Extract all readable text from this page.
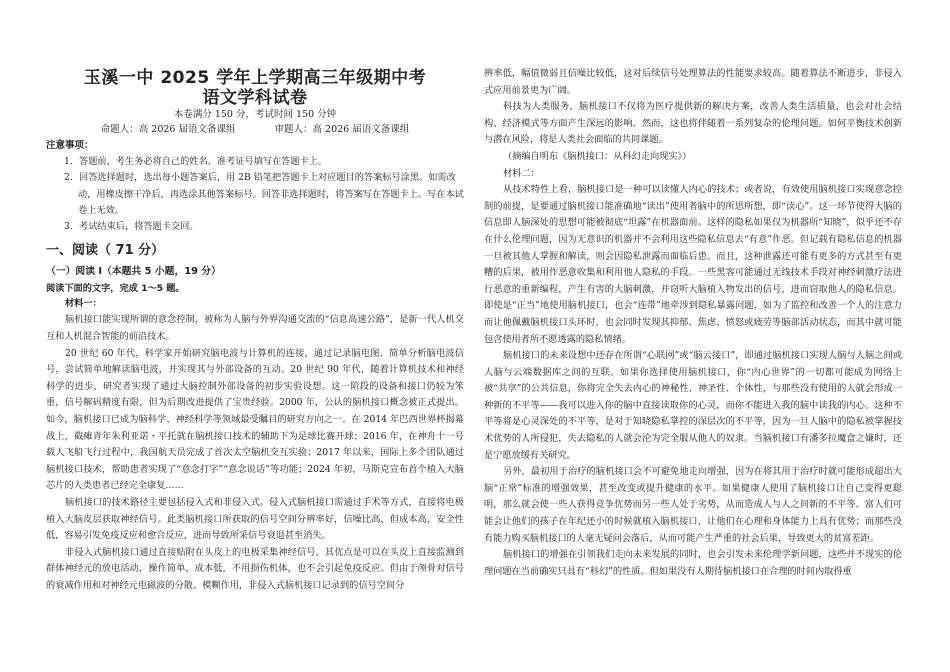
玉溪一中 2025 学年上学期高三年级期中考
语文学科试卷
本卷满分 150 分，考试时间 150 分钟
命题人：高 2026 届语文备课组	审题人：高 2026 届语文备课组
注意事项：
1．答题前，考生务必将自己的姓名、准考证号填写在答题卡上。
2．回答选择题时，选出每小题答案后，用 2B 铅笔把答题卡上对应题目的答案标号涂黑。如需改动，用橡皮擦干净后，再选涂其他答案标号。回答非选择题时，将答案写在答题卡上。写在本试卷上无效。
3．考试结束后，将答题卡交回。
一、阅读（ 71 分）
（一）阅读 I（本题共 5 小题，19 分）
阅读下面的文字，完成 1～5 题。
材料一：

脑机接口能实现所谓的意念控制，被称为人脑与外界沟通交流的“信息高速公路”，是新一代人机交互和人机混合智能的前沿技术。

20 世纪 60 年代，科学家开始研究脑电波与计算机的连接，通过记录脑电图、简单分析脑电波信号，尝试简单地解读脑电波，并实现其与外部设备的互动。20 世纪 90 年代，随着计算机技术和神经科学的进步，研究者实现了通过大脑控制外部设备的初步实验设想。这一阶段的设备和接口仍较为笨重，信号解码精度有限，但为后期改进提供了宝贵经验。2000 年，公认的脑机接口概念被正式提出。如今，脑机接口已成为脑科学、神经科学等领域最受瞩目的研究方向之一。在 2014 年巴西世界杯揭幕战上，截瘫青年朱利亚诺・平托就在脑机接口技术的辅助下为足球比赛开球；2016 年，在神舟十一号载人飞船飞行过程中，我国航天员完成了首次太空脑机交互实验；2017 年以来，国际上多个团队通过脑机接口技术，帮助患者实现了“意念打字”“意念说话”等功能；2024 年初，马斯克宣布首个植入大脑芯片的人类患者已经完全康复……

脑机接口的技术路径主要包括侵入式和非侵入式。侵入式脑机接口需通过手术等方式，直接将电极植入大脑皮层获取神经信号。此类脑机接口所获取的信号空间分辨率好，信噪比高，但成本高，安全性低，容易引发免疫反应和愈合反应，进而导致所采信号衰退甚至消失。

非侵入式脑机接口通过直接贴附在头皮上的电极采集神经信号。其优点是可以在头皮上直接监测到群体神经元的放电活动，操作简单，成本低，不用损伤机体，也不会引起免疫反应。但由于颅骨对信号的衰减作用和对神经元电磁波的分散、模糊作用，非侵入式脑机接口记录到的信号空间分

辨率低，幅值微弱且信噪比较低，这对后续信号处理算法的性能要求较高。随着算法不断进步，非侵入式应用前景更为广阔。

科技为人类服务，脑机接口不仅将为医疗提供新的解决方案，改善人类生活质量，也会对社会结构、经济模式等方面产生深远的影响。然而，这也将伴随着一系列复杂的伦理问题。如何平衡技术创新与潜在风险，将是人类社会面临的共同课题。

（摘编自明东《脑机接口：从科幻走向现实》）
材料二：

从技术特性上看，脑机接口是一种可以读懂人内心的技术；或者说，有效使用脑机接口实现意念控制的前提，是要通过脑机接口能准确地“读出”使用者脑中的所思所想，即“读心”。这一环节使得大脑的信息即人脑深处的思想可能被彻底“坦露”在机器面前。这样的隐私如果仅为机器所“知晓”，似乎还不存在什么伦理问题，因为无意识的机器并不会利用这些隐私信息去“有意”作恶。但记载有隐私信息的机器一旦被其他人掌握和解读，则会因隐私泄露而面临后患。而且，这种泄露还可能有更多的方式甚至有更糟的后果，被用作恶意收集和利用他人隐私的手段。一些黑客可能通过无线技术手段对神经刺激疗法进行恶意的重新编程，产生有害的大脑刺激，并窃听大脑植入物发出的信号，进而窃取他人的隐私信息。即使是“正当”地使用脑机接口，也会“连带”地牵涉到隐私暴露问题，如为了监控和改善一个人的注意力而让他佩戴脑机接口头环时，也会同时发现其抑郁、焦虑、愤怒或疲劳等脑部活动状态，而其中就可能包含使用者所不愿透露的隐私情绪。

脑机接口的未来设想中还存在所谓“心联网”或“脑云接口”，即通过脑机接口实现人脑与人脑之间或人脑与云端数据库之间的互联。如果你选择使用脑机接口，你“内心世界”的一切都可能成为网络上被“共享”的公共信息，你将完全失去内心的神秘性、神圣性、个体性，与那些没有使用的人就会形成一种新的不平等——我可以进入你的脑中直接读取你的心灵，而你不能进入我的脑中读我的内心。这种不平等将是心灵深处的不平等，是对于知晓隐私掌控的深层次的不平等，因为一旦人脑中的隐私被掌握技术优势的人所侵犯，失去隐私的人就会沦为完全服从他人的奴隶。当脑机接口有潘多拉魔盒之嫌时，还是宁愿放缓有关研究。

另外，最初用于治疗的脑机接口会不可避免地走向增强，因为在将其用于治疗时就可能形成超出大脑“正常”标准的增强效果，甚至改变或提升健康的水平。如果健康人使用了脑机接口让自己变得更聪明，那么就会使一些人获得竞争优势而另一些人处于劣势，从而造成人与人之间新的不平等。富人们可能会让他们的孩子在年纪还小的时候就植入脑机接口，让他们在心理和身体能力上具有优势；而那些没有能力购买脑机接口的人毫无疑问会落后，从而可能产生严重的社会后果，导致更大的贫富差距。

脑机接口的增强在引领我们走向未来发展的同时，也会引发未来伦理学新问题，这些并不现实的伦理问题在当前确实只具有“科幻”的性质。但如果没有人期待脑机接口在合理的时间内取得重
